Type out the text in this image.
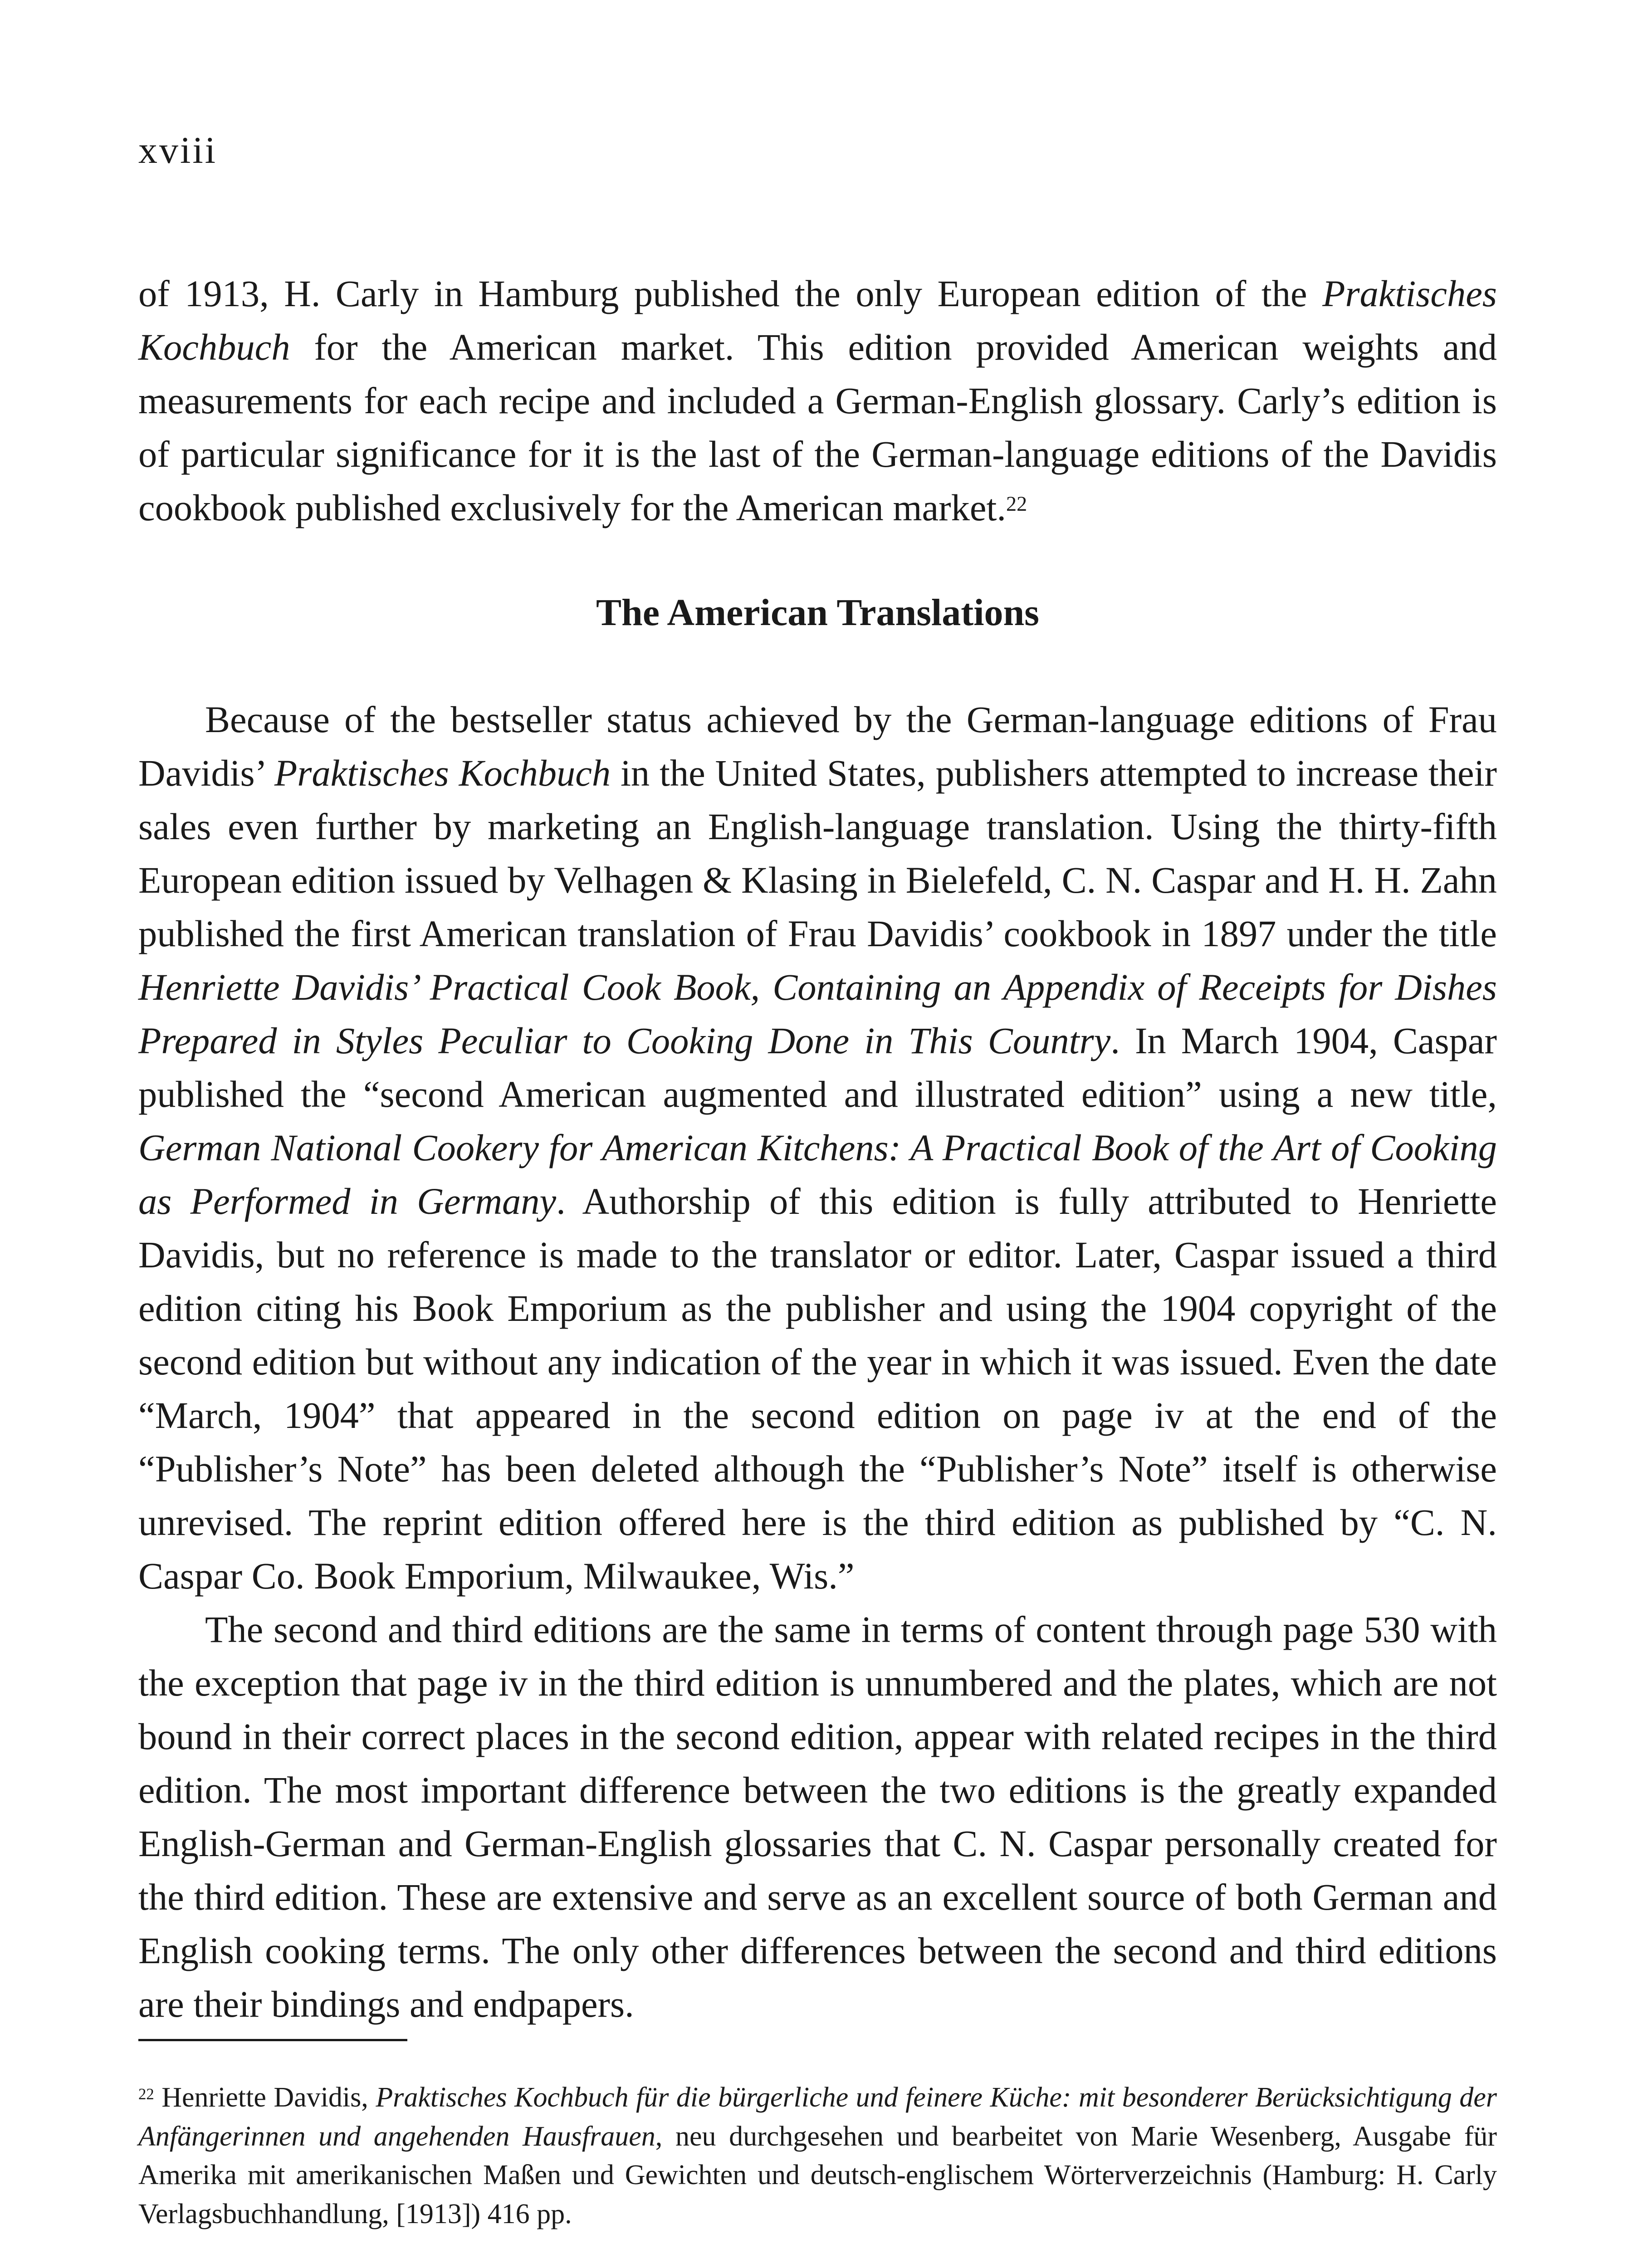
xviii

of 1913, H. Carly in Hamburg published the only European edition of the Praktisches Kochbuch for the American market. This edition provided American weights and measurements for each recipe and included a German-English glossary. Carly’s edition is of particular significance for it is the last of the German-language editions of the Davidis cookbook published exclusively for the American market.$^{22}$

The American Translations

Because of the bestseller status achieved by the German-language editions of Frau Davidis’ Praktisches Kochbuch in the United States, publishers attempted to increase their sales even further by marketing an English-language translation. Using the thirty-fifth European edition issued by Velhagen & Klasing in Bielefeld, C. N. Caspar and H. H. Zahn published the first American translation of Frau Davidis’ cookbook in 1897 under the title Henriette Davidis’ Practical Cook Book, Containing an Appendix of Receipts for Dishes Prepared in Styles Peculiar to Cooking Done in This Country. In March 1904, Caspar published the “second American augmented and illustrated edition” using a new title, German National Cookery for American Kitchens: A Practical Book of the Art of Cooking as Performed in Germany. Authorship of this edition is fully attributed to Henriette Davidis, but no reference is made to the translator or editor. Later, Caspar issued a third edition citing his Book Emporium as the publisher and using the 1904 copyright of the second edition but without any indication of the year in which it was issued. Even the date “March, 1904” that appeared in the second edition on page iv at the end of the “Publisher’s Note” has been deleted although the “Publisher’s Note” itself is otherwise unrevised. The reprint edition offered here is the third edition as published by “C. N. Caspar Co. Book Emporium, Milwaukee, Wis.”

The second and third editions are the same in terms of content through page 530 with the exception that page iv in the third edition is unnumbered and the plates, which are not bound in their correct places in the second edition, appear with related recipes in the third edition. The most important difference between the two editions is the greatly expanded English-German and German-English glossaries that C. N. Caspar personally created for the third edition. These are extensive and serve as an excellent source of both German and English cooking terms. The only other differences between the second and third editions are their bindings and endpapers.

$^{22}$ Henriette Davidis, Praktisches Kochbuch für die bürgerliche und feinere Küche: mit besonderer Berücksichtigung der Anfängerinnen und angehenden Hausfrauen, neu durchgesehen und bearbeitet von Marie Wesenberg, Ausgabe für Amerika mit amerikanischen Maßen und Gewichten und deutsch-englischem Wörterverzeichnis (Hamburg: H. Carly Verlagsbuchhandlung, [1913]) 416 pp.
